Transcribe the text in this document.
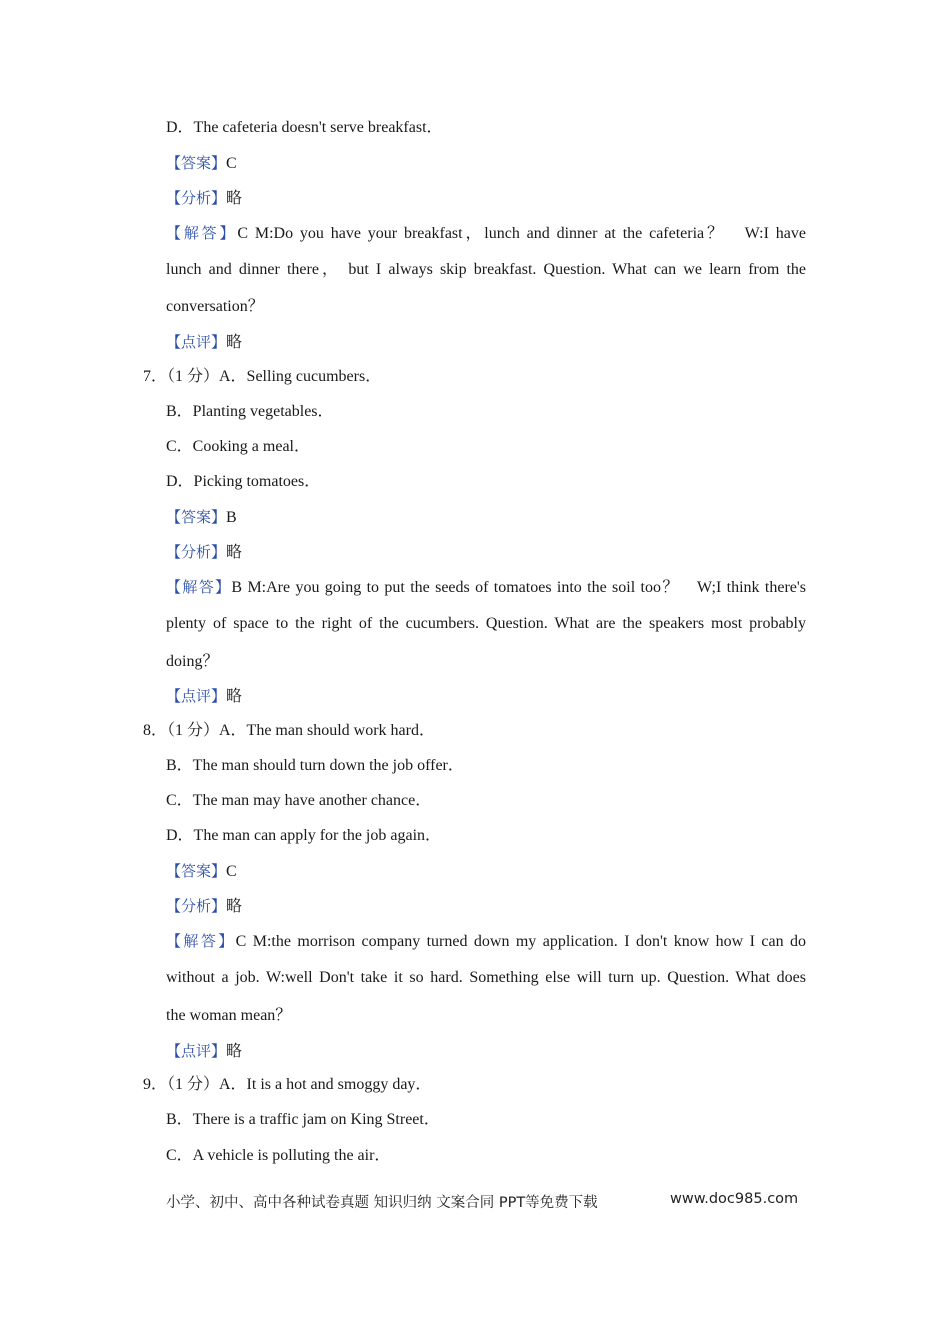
D．The cafeteria doesn't serve breakfast．
【答案】C
【分析】略
【解答】C M:Do you have your breakfast，lunch and dinner at the cafeteria？　W:I have
lunch and dinner there， but I always skip breakfast. Question. What can we learn from the
conversation？
【点评】略
7．（1 分）A．Selling cucumbers．
B．Planting vegetables．
C．Cooking a meal．
D．Picking tomatoes．
【答案】B
【分析】略
【解答】B M:Are you going to put the seeds of tomatoes into the soil too？　W;I think there's
plenty of space to the right of the cucumbers. Question. What are the speakers most probably
doing？
【点评】略
8．（1 分）A．The man should work hard．
B．The man should turn down the job offer．
C．The man may have another chance．
D．The man can apply for the job again．
【答案】C
【分析】略
【解答】C M:the morrison company turned down my application. I don't know how I can do
without a job. W:well Don't take it so hard. Something else will turn up. Question. What does
the woman mean？
【点评】略
9．（1 分）A．It is a hot and smoggy day．
B．There is a traffic jam on King Street．
C．A vehicle is polluting the air．
小学、初中、高中各种试卷真题 知识归纳 文案合同 PPT等免费下载	www.doc985.com
